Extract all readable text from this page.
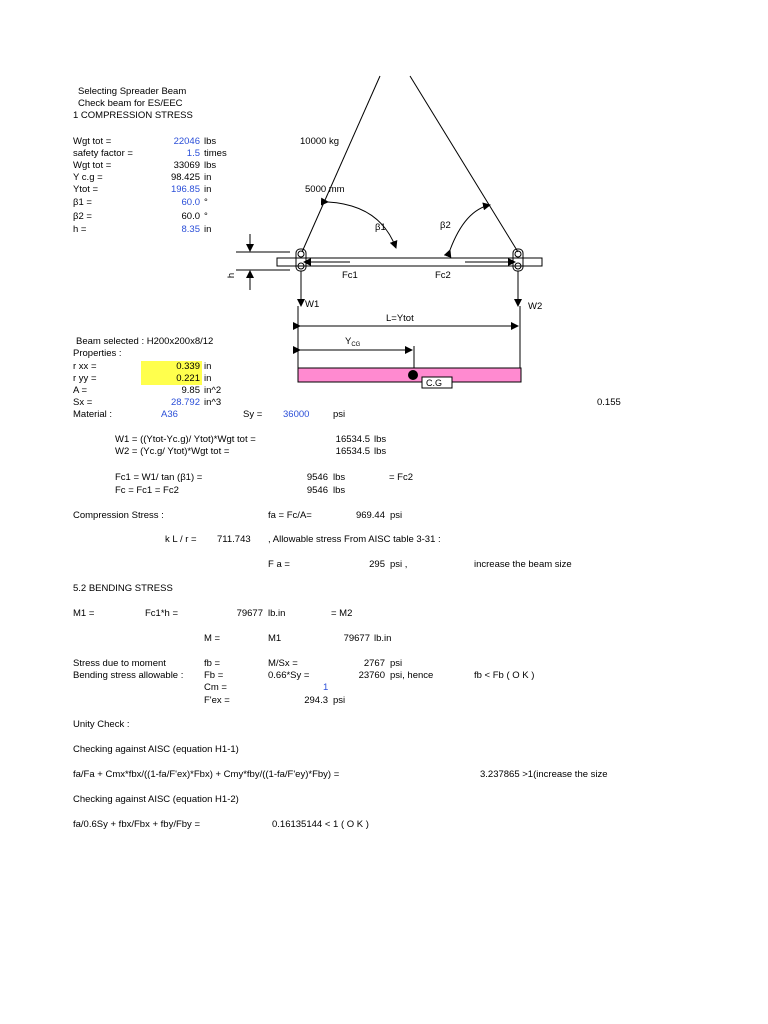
Selecting Spreader Beam
Check beam for ES/EEC
1 COMPRESSION STRESS
Wgt tot =	22046 lbs	10000 kg
safety factor =	1.5 times
Wgt tot =	33069 lbs
Y c.g =	98.425 in
Ytot =	196.85 in	5000 mm
β1 =	60.0 °
β2 =	60.0 °
h =	8.35 in	β1	β2
Fc1	Fc2
h
W1	W2
L=Ytot
$Y_{CG}$
C.G
Beam selected : H200x200x8/12
Properties :
r xx =	0.339 in
r yy =	0.221 in
A =	9.85 in^2
Sx =	28.792 in^3	0.155
Material :	A36	Sy = 36000 psi
W1 = ((Ytot-Yc.g)/ Ytot)*Wgt tot =	16534.5 lbs
W2 = (Yc.g/ Ytot)*Wgt tot =	16534.5 lbs
Fc1 = W1/ tan (β1) =	9546 lbs	= Fc2
Fc = Fc1 = Fc2	9546 lbs
Compression Stress :	fa = Fc/A=	969.44 psi
k L / r = 711.743 , Allowable stress From AISC table 3-31 :
F a =	295 psi ,	increase the beam size
5.2 BENDING STRESS
M1 =	Fc1*h =	79677 lb.in	= M2
M =	M1	79677 lb.in
Stress due to moment	fb =	M/Sx =	2767 psi
Bending stress allowable : Fb =	0.66*Sy =	23760 psi, hence	fb < Fb ( O K )
Cm =	1
F'ex =	294.3 psi
Unity Check :
Checking against AISC (equation H1-1)
fa/Fa + Cmx*fbx/((1-fa/F'ex)*Fbx) + Cmy*fby/((1-fa/F'ey)*Fby) =	3.237865 >1(increase the size
Checking against AISC (equation H1-2)
fa/0.6Sy + fbx/Fbx + fby/Fby =	0.16135144 < 1 ( O K )
